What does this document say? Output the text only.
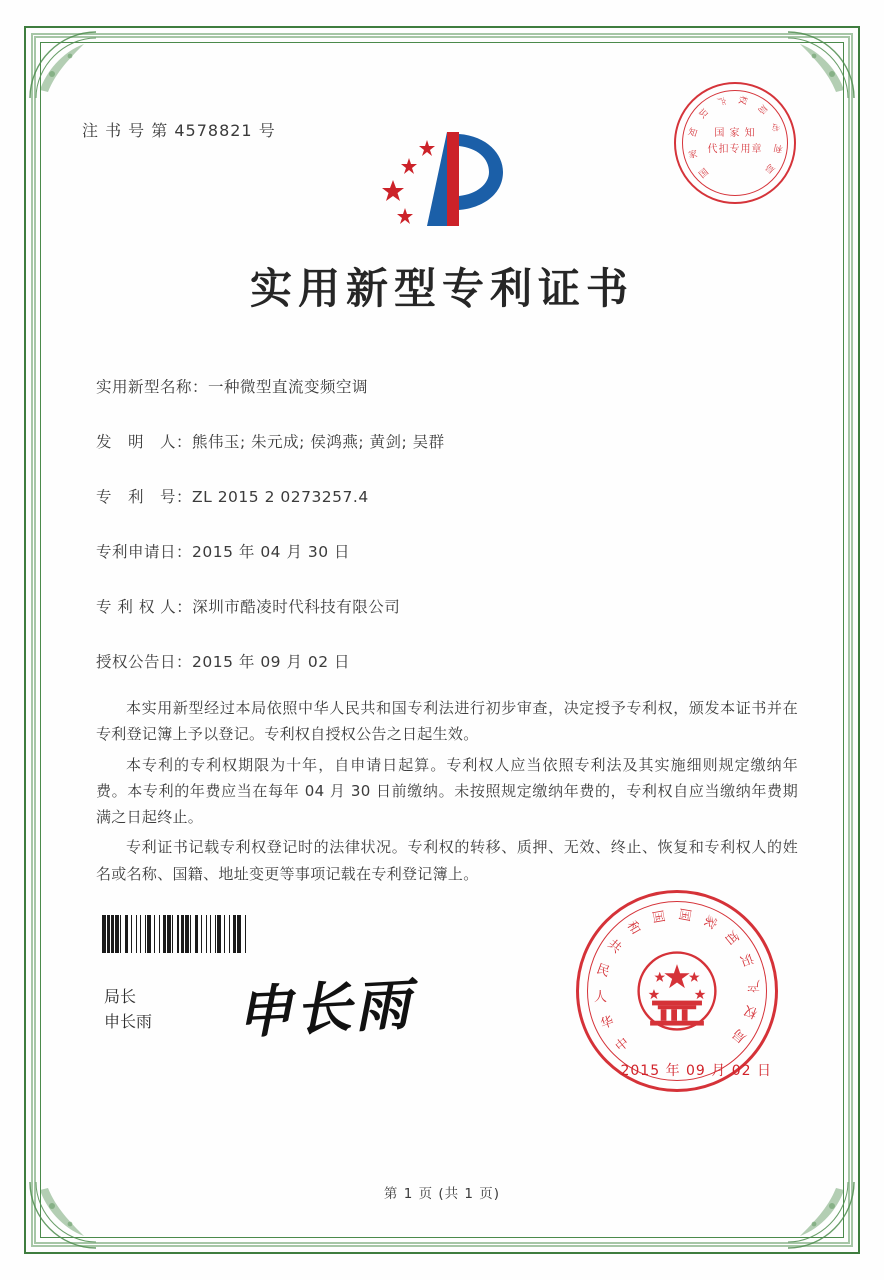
注 书 号 第 4578821 号
国
家
知
识
产 权
局
专
利
局
国 家 知
代扣专用章
实用新型专利证书
实用新型名称：一种微型直流变频空调
发　明　人：熊伟玉; 朱元成; 侯鸿燕; 黄剑; 吴群
专　利　号：ZL 2015 2 0273257.4
专利申请日：2015 年 04 月 30 日
专 利 权 人：深圳市酷凌时代科技有限公司
授权公告日：2015 年 09 月 02 日

本实用新型经过本局依照中华人民共和国专利法进行初步审查，决定授予专利权，颁发本证书并在专利登记簿上予以登记。专利权自授权公告之日起生效。

本专利的专利权期限为十年，自申请日起算。专利权人应当依照专利法及其实施细则规定缴纳年费。本专利的年费应当在每年 04 月 30 日前缴纳。未按照规定缴纳年费的，专利权自应当缴纳年费期满之日起终止。

专利证书记载专利权登记时的法律状况。专利权的转移、质押、无效、终止、恢复和专利权人的姓名或名称、国籍、地址变更等事项记载在专利登记簿上。

局长
申长雨 申长雨	中
华
人
民
共
和
国 国 家
知
识
产
权
局
2015 年 09 月 02 日
第 1 页 (共 1 页)
